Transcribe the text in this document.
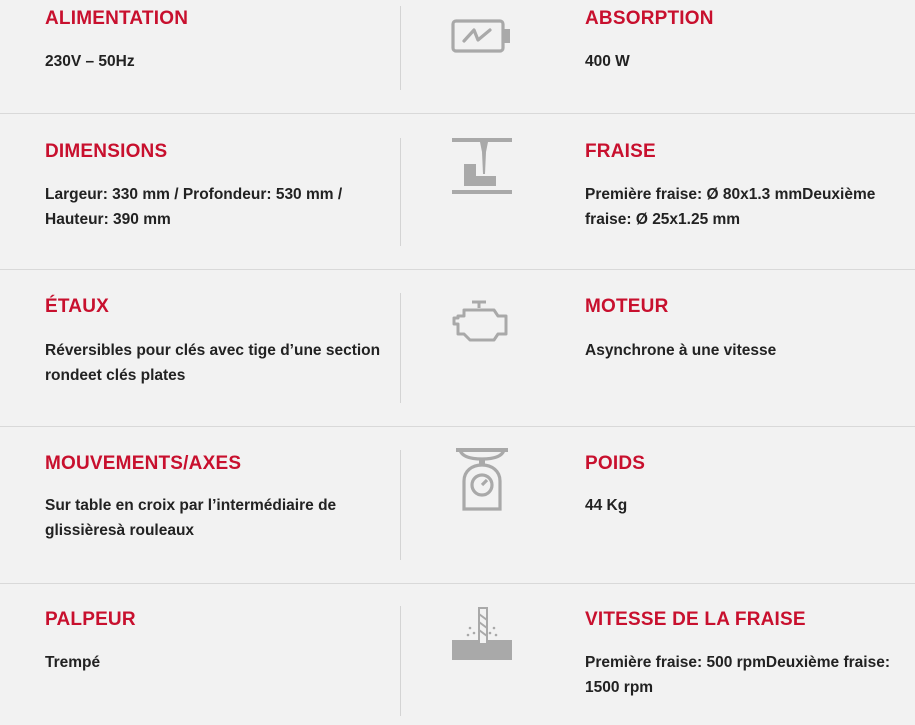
ALIMENTATION
230V – 50Hz
ABSORPTION
400 W
DIMENSIONS
Largeur: 330 mm / Profondeur: 530 mm / Hauteur: 390 mm
FRAISE
Première fraise: Ø 80x1.3 mmDeuxième fraise: Ø 25x1.25 mm
ÉTAUX
Réversibles pour clés avec tige d’une section rondeet clés plates
MOTEUR
Asynchrone à une vitesse
MOUVEMENTS/AXES
Sur table en croix par l’intermédiaire de glissièresà rouleaux
POIDS
44 Kg
PALPEUR
Trempé
VITESSE DE LA FRAISE
Première fraise: 500 rpmDeuxième fraise: 1500 rpm
